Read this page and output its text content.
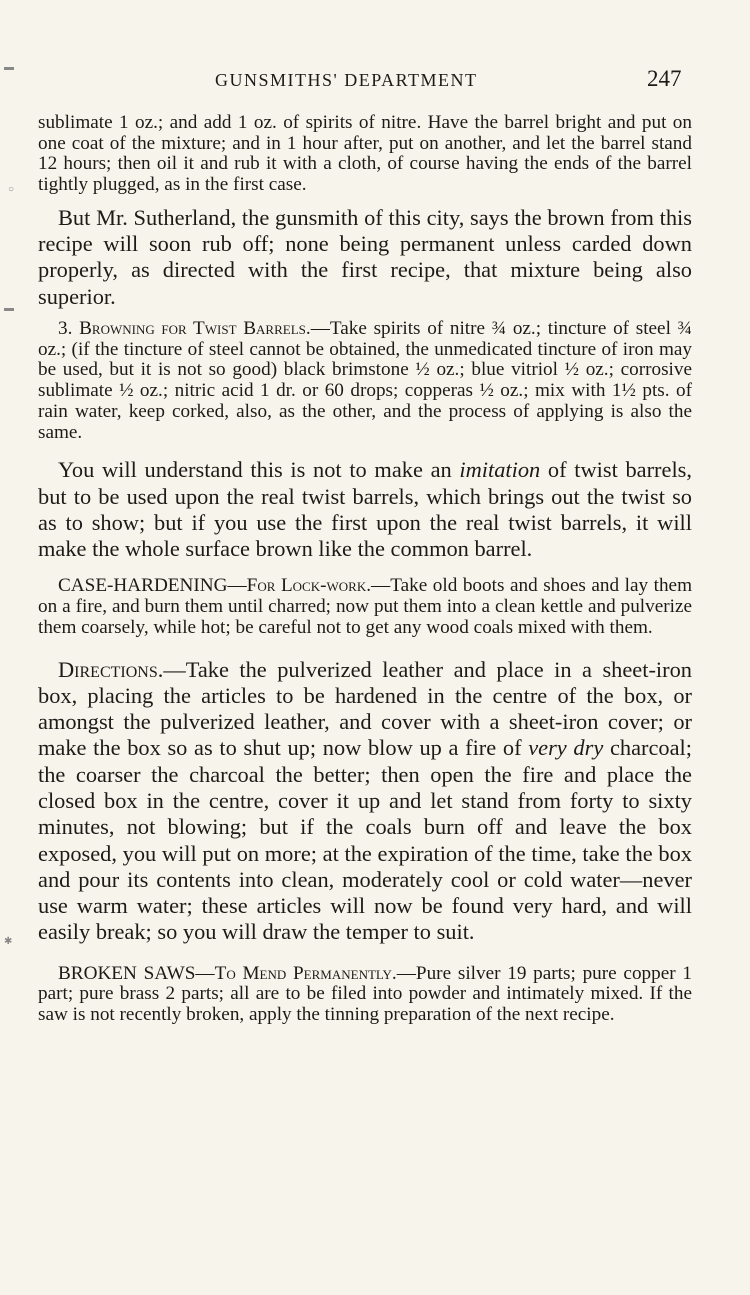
GUNSMITHS' DEPARTMENT	247
▬
○
▬
✱

sublimate 1 oz.; and add 1 oz. of spirits of nitre. Have the barrel bright and put on one coat of the mixture; and in 1 hour after, put on another, and let the barrel stand 12 hours; then oil it and rub it with a cloth, of course having the ends of the barrel tightly plugged, as in the first case.

But Mr. Sutherland, the gunsmith of this city, says the brown from this recipe will soon rub off; none being permanent unless carded down properly, as directed with the first recipe, that mixture being also superior.

3. Browning for Twist Barrels.—Take spirits of nitre ¾ oz.; tincture of steel ¾ oz.; (if the tincture of steel cannot be obtained, the unmedicated tincture of iron may be used, but it is not so good) black brimstone ½ oz.; blue vitriol ½ oz.; corrosive sublimate ½ oz.; nitric acid 1 dr. or 60 drops; copperas ½ oz.; mix with 1½ pts. of rain water, keep corked, also, as the other, and the process of applying is also the same.

You will understand this is not to make an imitation of twist barrels, but to be used upon the real twist barrels, which brings out the twist so as to show; but if you use the first upon the real twist barrels, it will make the whole surface brown like the common barrel.

CASE-HARDENING—For Lock-work.—Take old boots and shoes and lay them on a fire, and burn them until charred; now put them into a clean kettle and pulverize them coarsely, while hot; be careful not to get any wood coals mixed with them.

Directions.—Take the pulverized leather and place in a sheet-iron box, placing the articles to be hardened in the centre of the box, or amongst the pulverized leather, and cover with a sheet-iron cover; or make the box so as to shut up; now blow up a fire of very dry charcoal; the coarser the charcoal the better; then open the fire and place the closed box in the centre, cover it up and let stand from forty to sixty minutes, not blowing; but if the coals burn off and leave the box exposed, you will put on more; at the expiration of the time, take the box and pour its contents into clean, moderately cool or cold water—never use warm water; these articles will now be found very hard, and will easily break; so you will draw the temper to suit.

BROKEN SAWS—To Mend Permanently.—Pure silver 19 parts; pure copper 1 part; pure brass 2 parts; all are to be filed into powder and intimately mixed. If the saw is not recently broken, apply the tinning preparation of the next recipe.
